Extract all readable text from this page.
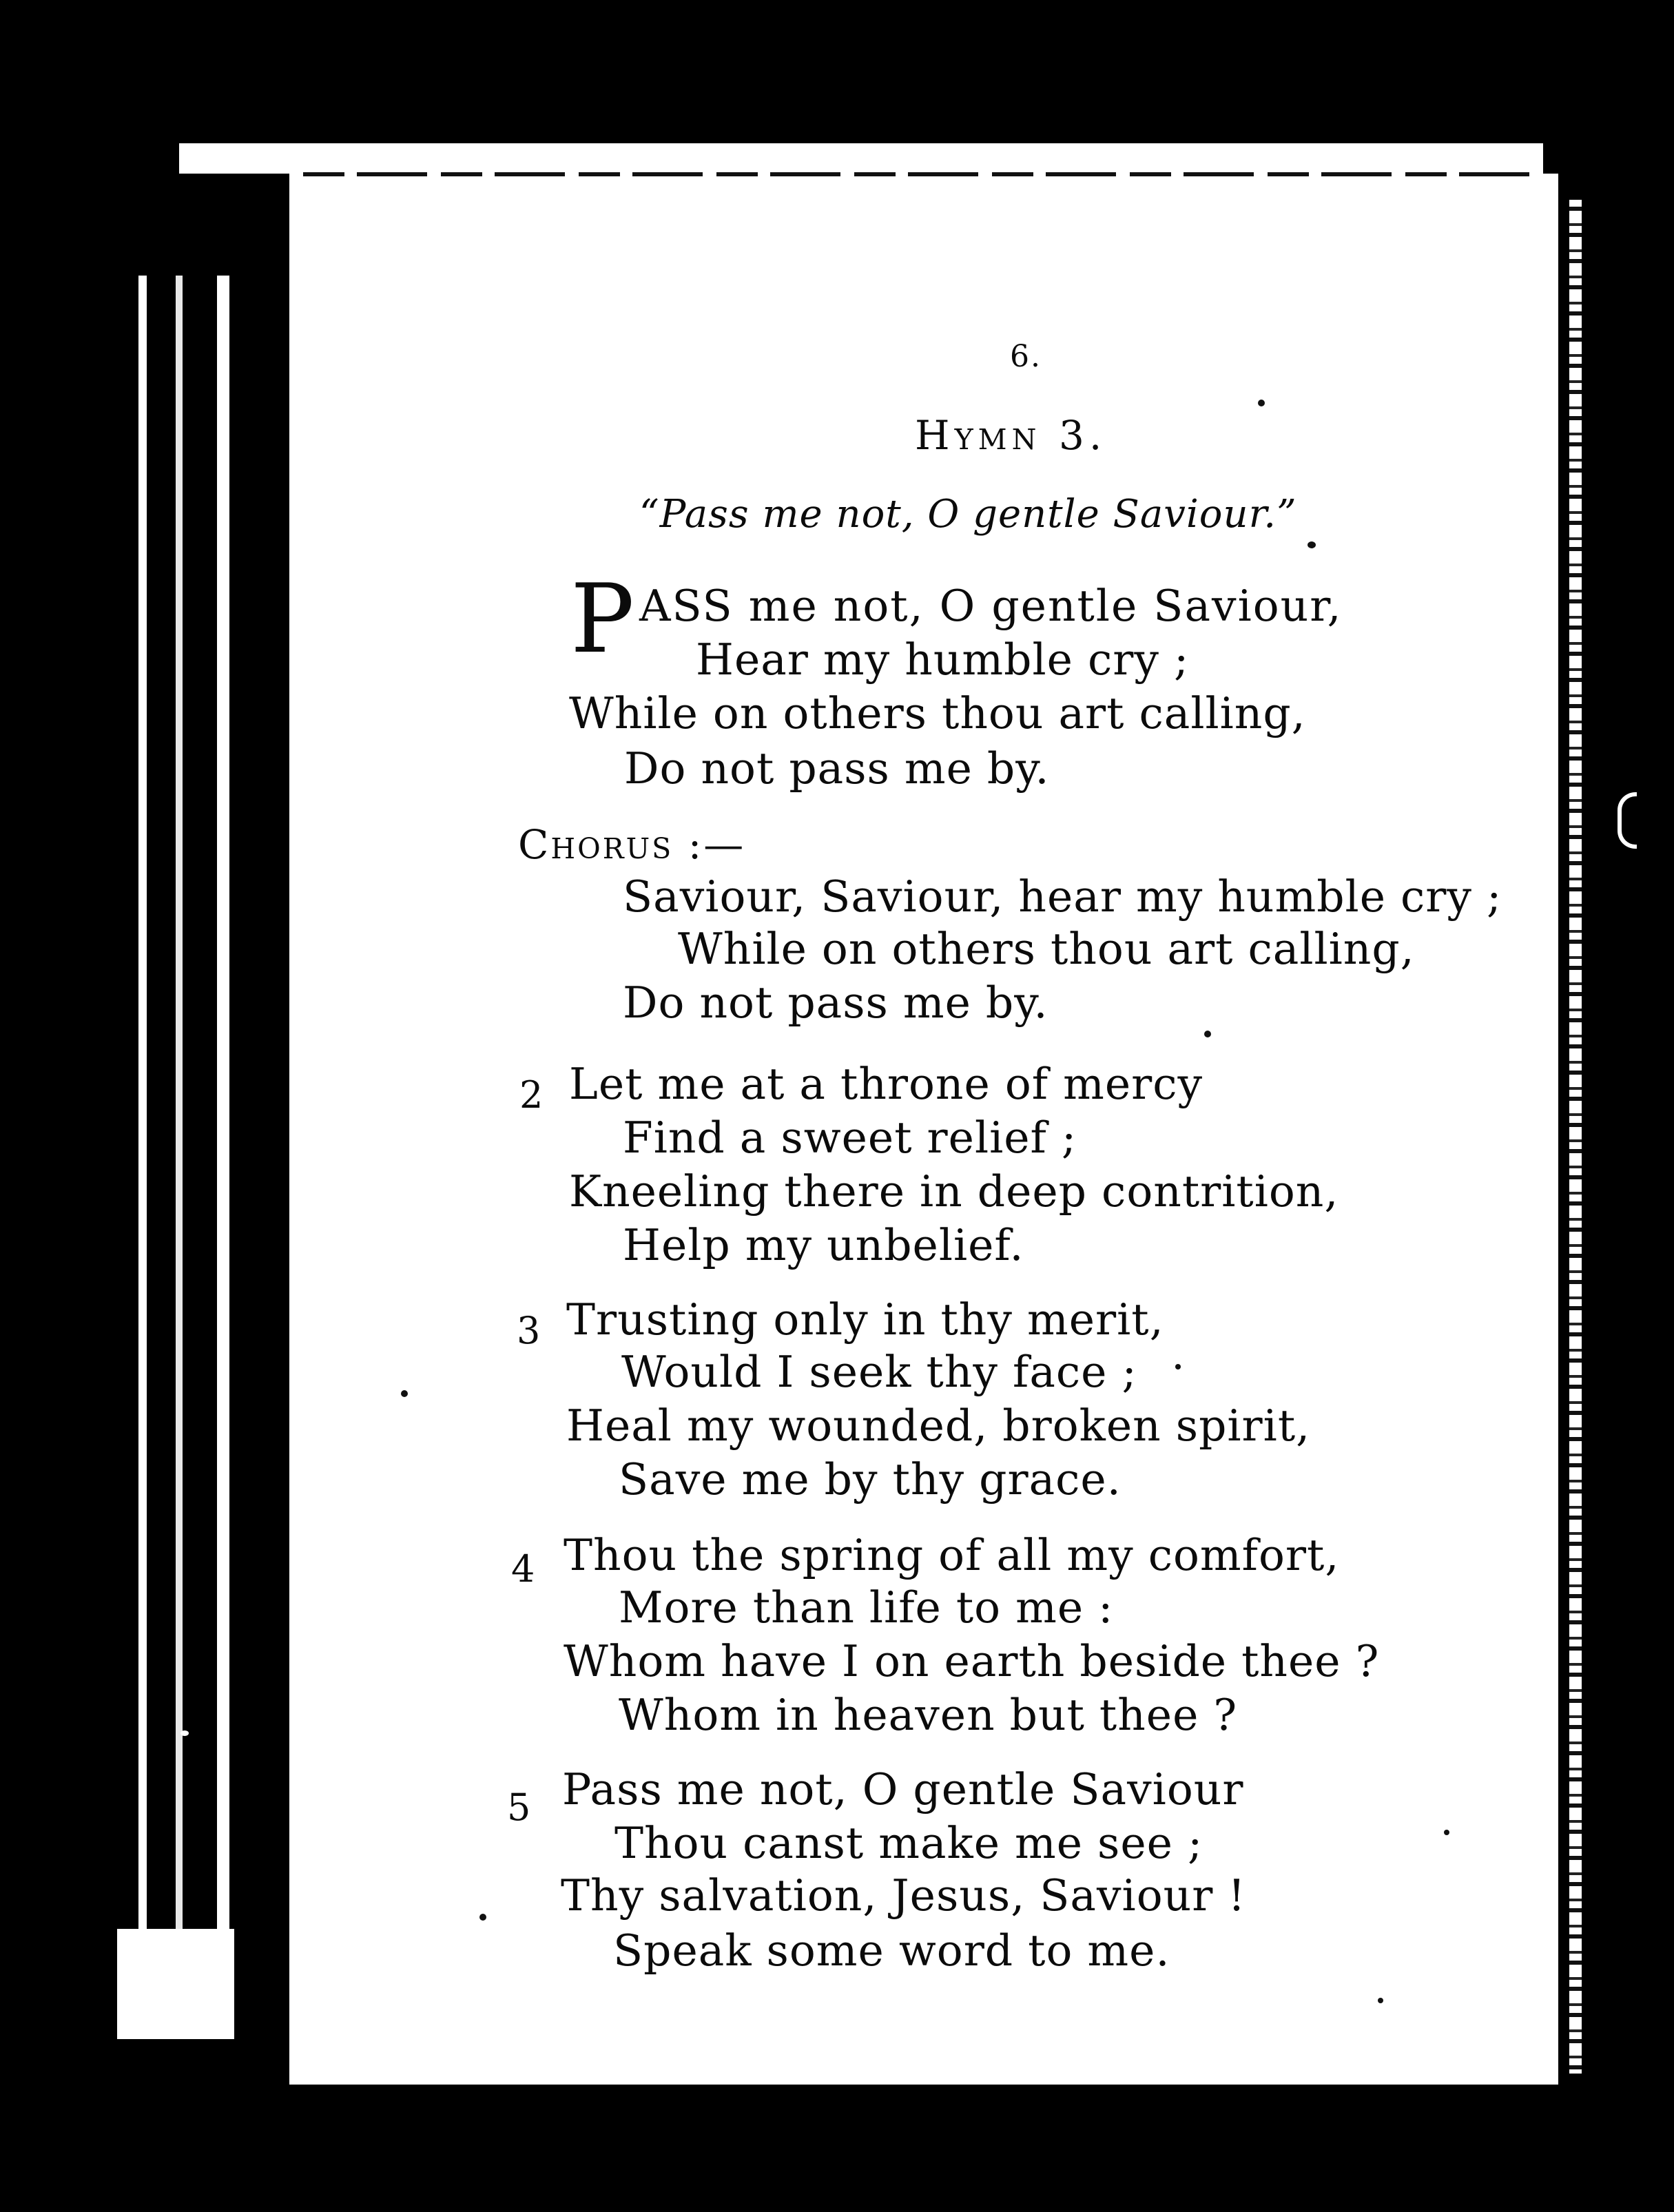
6.
Hymn 3.
“Pass me not, O gentle Saviour.”
P ASS me not, O gentle Saviour,
Hear my humble cry ;
While on others thou art calling,
Do not pass me by.
Chorus :—
Saviour, Saviour, hear my humble cry ;
While on others thou art calling,
Do not pass me by.
2 Let me at a throne of mercy
Find a sweet relief ;
Kneeling there in deep contrition,
Help my unbelief.
3 Trusting only in thy merit,
Would I seek thy face ;
Heal my wounded, broken spirit,
Save me by thy grace.
4 Thou the spring of all my comfort,
More than life to me :
Whom have I on earth beside thee ?
Whom in heaven but thee ?
5 Pass me not, O gentle Saviour
Thou canst make me see ;
Thy salvation, Jesus, Saviour !
Speak some word to me.
